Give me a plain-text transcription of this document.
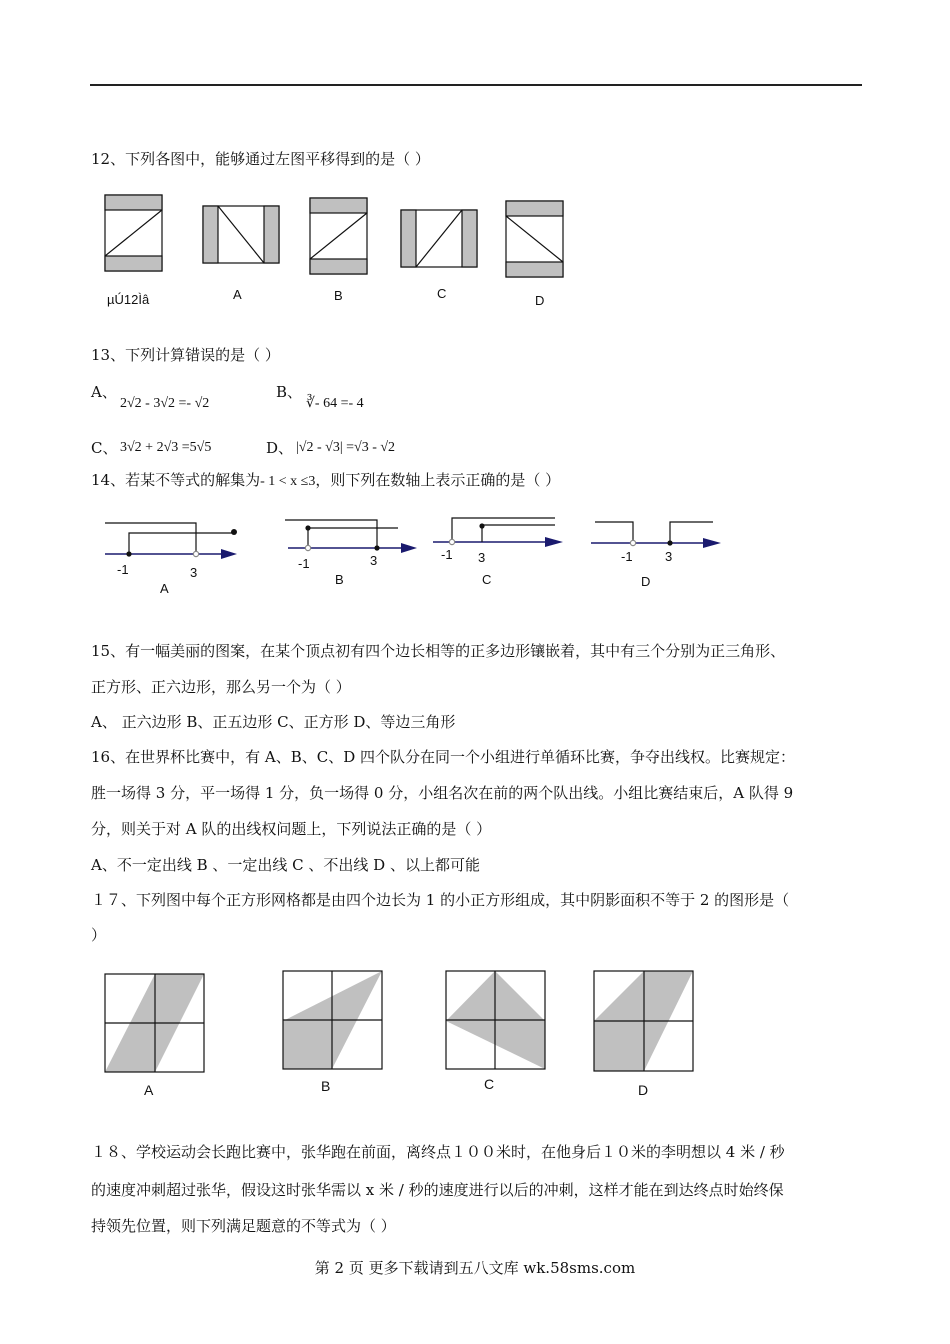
12、下列各图中，能够通过左图平移得到的是（ ）
µÚ12Ìâ	A	B	C	D
13、下列计算错误的是（ ）
A、
2√2 - 3√2 =- √2
B、
∛- 64 =- 4
C、 3√2 + 2√3 =5√5	D、 |√2 - √3| =√3 - √2
14、若某不等式的解集为- 1 < x ≤3，则下列在数轴上表示正确的是（ ）
-1	3
A
-1	3
B
-1 3
C
-1 3
D
15、有一幅美丽的图案，在某个顶点初有四个边长相等的正多边形镶嵌着，其中有三个分别为正三角形、
正方形、正六边形，那么另一个为（ ）
A、 正六边形 B、正五边形 C、正方形 D、等边三角形
16、在世界杯比赛中，有 A、B、C、D 四个队分在同一个小组进行单循环比赛，争夺出线权。比赛规定：
胜一场得 3 分，平一场得 1 分，负一场得 0 分，小组名次在前的两个队出线。小组比赛结束后，A 队得 9
分，则关于对 A 队的出线权问题上，下列说法正确的是（ ）
A、不一定出线 B 、一定出线 C 、不出线 D 、以上都可能
１７、下列图中每个正方形网格都是由四个边长为 1 的小正方形组成，其中阴影面积不等于 2 的图形是（
）
A	B	C	D
１８、学校运动会长跑比赛中，张华跑在前面，离终点１００米时，在他身后１０米的李明想以 4 米 / 秒
的速度冲刺超过张华，假设这时张华需以 x 米 / 秒的速度进行以后的冲刺，这样才能在到达终点时始终保
持领先位置，则下列满足题意的不等式为（ ）
第 2 页 更多下载请到五八文库 wk.58sms.com
